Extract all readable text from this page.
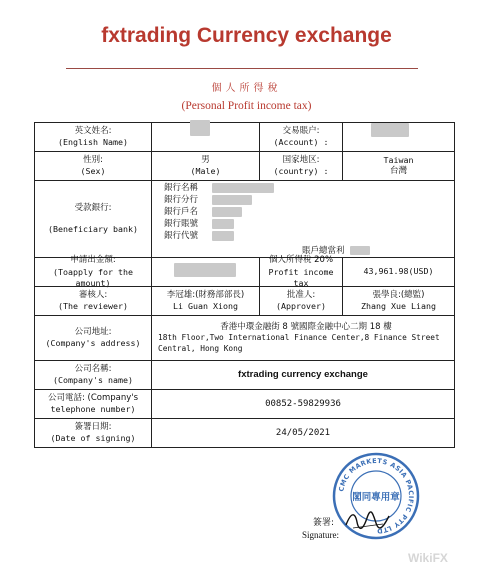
fxtrading Currency exchange
個人所得稅
(Personal Profit income tax)
英文姓名:
(English Name)
交易賬户:
(Account) :
性別:
(Sex)
男
(Male)
国家地区:
(country) :
Taiwan
台灣
受款銀行:
(Beneficiary bank)
銀行名稱
銀行分行
銀行戶名
銀行賬號
銀行代號
賬戶總當利
申請出金額:
(Toapply for the amount)
個人所得稅 20%
Profit income tax
43,961.98(USD)
審核人:
(The reviewer)
李冠雄:(財務部部長)
Li Guan Xiong
批准人:
(Approver)
張學良:(總監)
Zhang Xue Liang
公司地址:
(Company's address)
香港中環金融街 8 號國際金融中心二期 18 樓
18th Floor,Two International Finance Center,8 Finance Street
Central, Hong Kong
公司名稱:
(Company's name)
fxtrading currency exchange
公司電話: (Company's
telephone number)
00852-59829936
簽署日期:
(Date of signing)
24/05/2021
CMC MARKETS ASIA PACIFIC PTY LTD
閣同專用章
簽署:
Signature:
WikiFX
